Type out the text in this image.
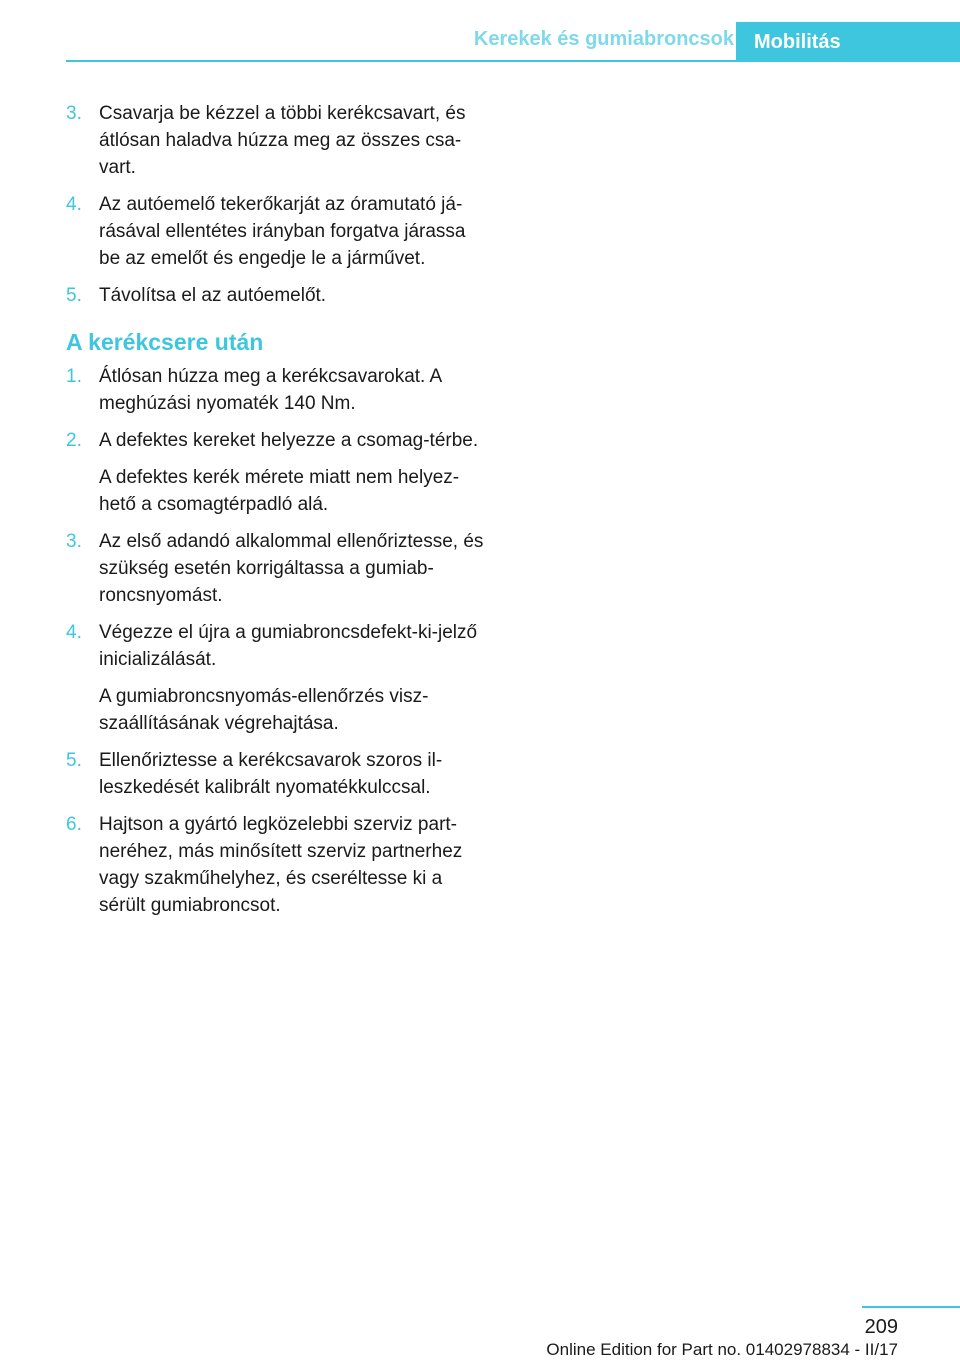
Kerekek és gumiabroncsok Mobilitás
3. Csavarja be kézzel a többi kerékcsavart, és átlósan haladva húzza meg az összes csa‐vart.

4. Az autóemelő tekerőkarját az óramutató já‐rásával ellentétes irányban forgatva járassa be az emelőt és engedje le a járművet.

5. Távolítsa el az autóemelőt.

A kerékcsere után
1. Átlósan húzza meg a kerékcsavarokat. A meghúzási nyomaték 140 Nm.

2. A defektes kereket helyezze a csomag‐térbe.

A defektes kerék mérete miatt nem helyez‐hető a csomagtérpadló alá.

3. Az első adandó alkalommal ellenőriztesse, és szükség esetén korrigáltassa a gumiab‐roncsnyomást.

4. Végezze el újra a gumiabroncsdefekt-ki‐jelző inicializálását.

A gumiabroncsnyomás-ellenőrzés visz‐szaállításának végrehajtása.

5. Ellenőriztesse a kerékcsavarok szoros il‐leszkedését kalibrált nyomatékkulccsal.

6. Hajtson a gyártó legközelebbi szerviz part‐neréhez, más minősített szerviz partnerhez vagy szakműhelyhez, és cseréltesse ki a sérült gumiabroncsot.

209
Online Edition for Part no. 01402978834 - II/17
